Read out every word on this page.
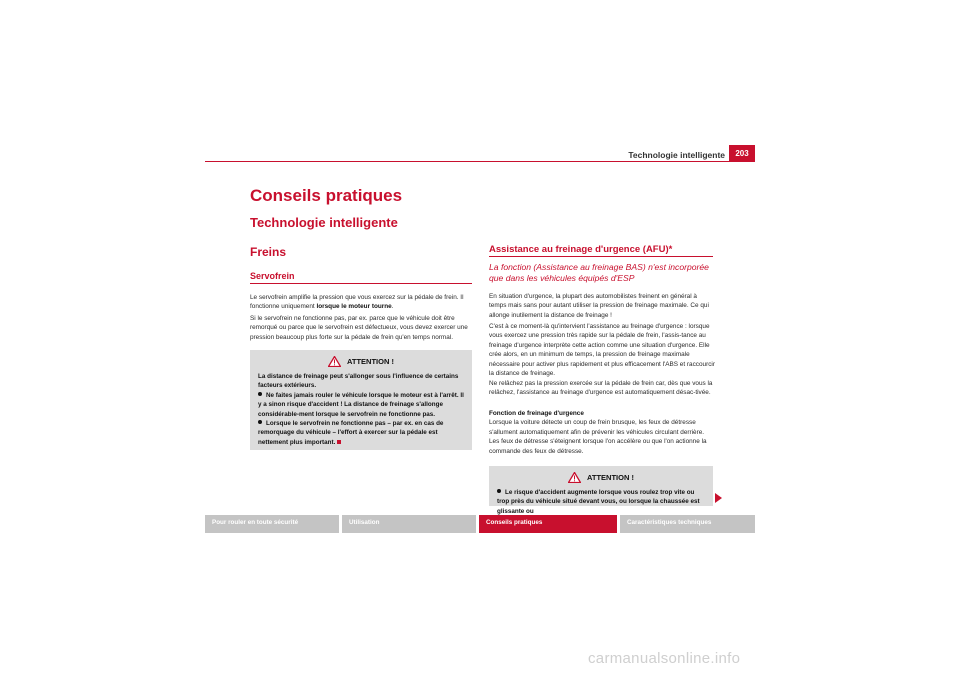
Technologie intelligente	203
Conseils pratiques
Technologie intelligente
Freins
Servofrein
Le servofrein amplifie la pression que vous exercez sur la pédale de frein. Il fonctionne uniquement lorsque le moteur tourne.
Si le servofrein ne fonctionne pas, par ex. parce que le véhicule doit être remorqué ou parce que le servofrein est défectueux, vous devez exercer une pression beaucoup plus forte sur la pédale de frein qu'en temps normal.
ATTENTION !
La distance de freinage peut s'allonger sous l'influence de certains facteurs extérieurs.
Ne faites jamais rouler le véhicule lorsque le moteur est à l'arrêt. Il y a sinon risque d'accident ! La distance de freinage s'allonge considérable-ment lorsque le servofrein ne fonctionne pas.
Lorsque le servofrein ne fonctionne pas – par ex. en cas de remorquage du véhicule – l'effort à exercer sur la pédale est nettement plus important.
Assistance au freinage d'urgence (AFU)*
La fonction (Assistance au freinage BAS) n'est incorporée que dans les véhicules équipés d'ESP
En situation d'urgence, la plupart des automobilistes freinent en général à temps mais sans pour autant utiliser la pression de freinage maximale. Ce qui allonge inutilement la distance de freinage !
C'est à ce moment-là qu'intervient l'assistance au freinage d'urgence : lorsque vous exercez une pression très rapide sur la pédale de frein, l'assis-tance au freinage d'urgence interprète cette action comme une situation d'urgence. Elle crée alors, en un minimum de temps, la pression de freinage maximale nécessaire pour activer plus rapidement et plus efficacement l'ABS et raccourcir la distance de freinage.
Ne relâchez pas la pression exercée sur la pédale de frein car, dès que vous la relâchez, l'assistance au freinage d'urgence est automatiquement désac-tivée.
Fonction de freinage d'urgence
Lorsque la voiture détecte un coup de frein brusque, les feux de détresse s'allument automatiquement afin de prévenir les véhicules circulant derrière. Les feux de détresse s'éteignent lorsque l'on accélère ou que l'on actionne la commande des feux de détresse.
ATTENTION !
Le risque d'accident augmente lorsque vous roulez trop vite ou trop près du véhicule situé devant vous, ou lorsque la chaussée est glissante ou
Pour rouler en toute sécurité	Utilisation	Conseils pratiques	Caractéristiques techniques
carmanualsonline.info
